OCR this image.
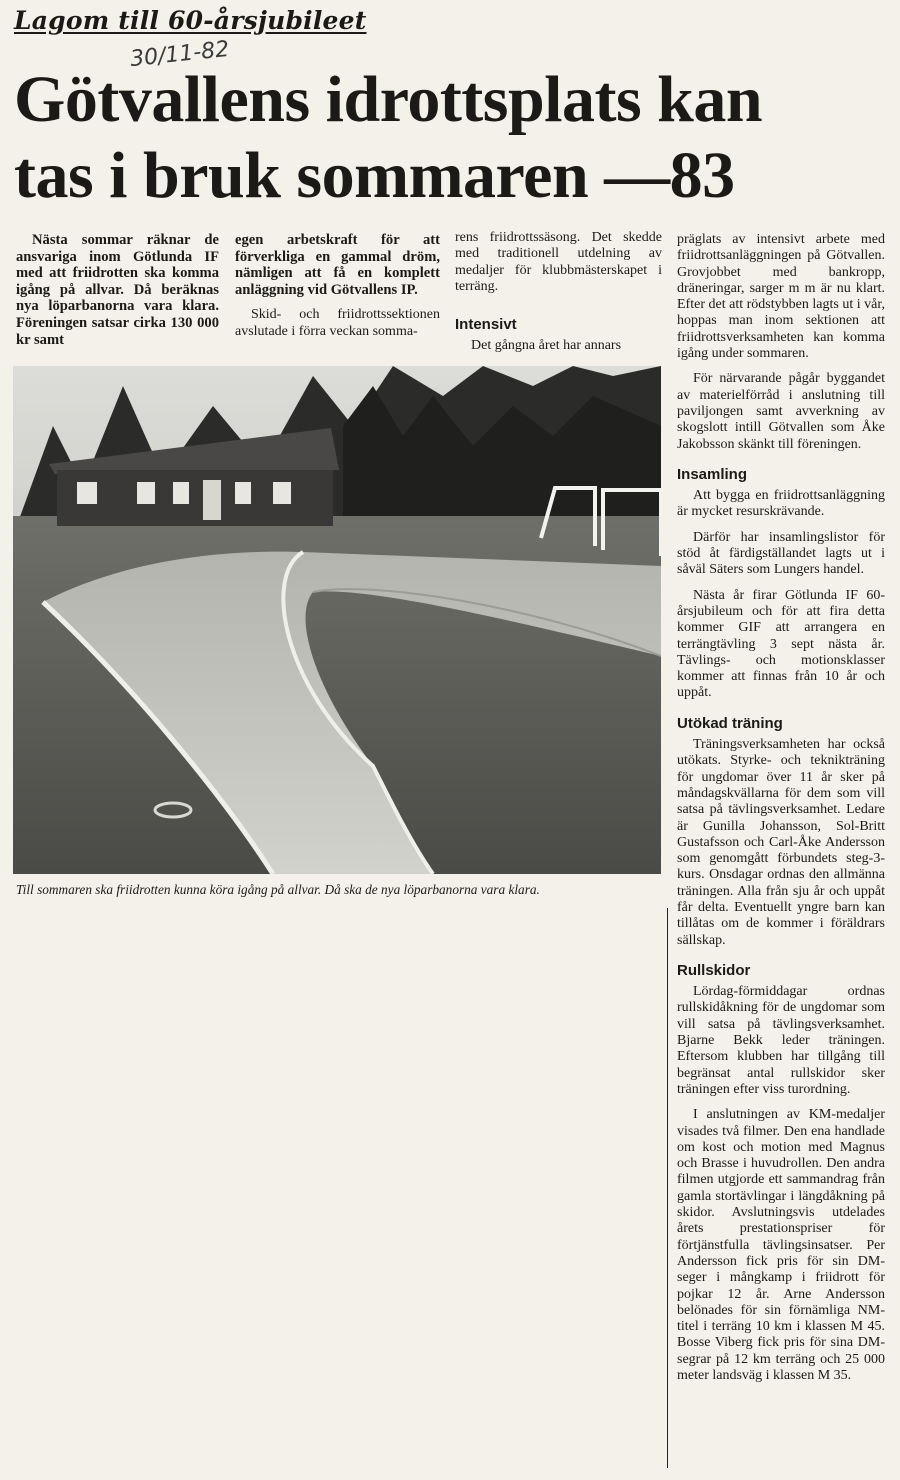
Lagom till 60-årsjubileet
30/11-82
Götvallens idrottsplats kan
tas i bruk sommaren —83

Nästa sommar räknar de ansvariga inom Götlunda IF med att friidrotten ska komma igång på allvar. Då beräknas nya löparbanorna vara klara. Föreningen satsar cirka 130 000 kr samt

egen arbetskraft för att förverkliga en gammal dröm, nämligen att få en komplett anläggning vid Götvallens IP.

Skid- och friidrottssektionen avslutade i förra veckan somma-

rens friidrottssäsong. Det skedde med traditionell utdelning av medaljer för klubbmästerskapet i terräng.

Intensivt

Det gångna året har annars

Till sommaren ska friidrotten kunna köra igång på allvar. Då ska de nya löparbanorna vara klara.

präglats av intensivt arbete med friidrottsanläggningen på Götvallen. Grovjobbet med bankropp, dräneringar, sarger m m är nu klart. Efter det att rödstybben lagts ut i vår, hoppas man inom sektionen att friidrottsverksamheten kan komma igång under sommaren.

För närvarande pågår byggandet av materielförråd i anslutning till paviljongen samt avverkning av skogslott intill Götvallen som Åke Jakobsson skänkt till föreningen.

Insamling

Att bygga en friidrottsanläggning är mycket resurskrävande.

Därför har insamlingslistor för stöd åt färdigställandet lagts ut i såväl Säters som Lungers handel.

Nästa år firar Götlunda IF 60-årsjubileum och för att fira detta kommer GIF att arrangera en terrängtävling 3 sept nästa år. Tävlings- och motionsklasser kommer att finnas från 10 år och uppåt.

Utökad träning

Träningsverksamheten har också utökats. Styrke- och teknikträning för ungdomar över 11 år sker på måndagskvällarna för dem som vill satsa på tävlingsverksamhet. Ledare är Gunilla Johansson, Sol-Britt Gustafsson och Carl-Åke Andersson som genomgått förbundets steg-3-kurs. Onsdagar ordnas den allmänna träningen. Alla från sju år och uppåt får delta. Eventuellt yngre barn kan tillåtas om de kommer i föräldrars sällskap.

Rullskidor

Lördag-förmiddagar ordnas rullskidåkning för de ungdomar som vill satsa på tävlingsverksamhet. Bjarne Bekk leder träningen. Eftersom klubben har tillgång till begränsat antal rullskidor sker träningen efter viss turordning.

I anslutningen av KM-medaljer visades två filmer. Den ena handlade om kost och motion med Magnus och Brasse i huvudrollen. Den andra filmen utgjorde ett sammandrag från gamla stortävlingar i längdåkning på skidor. Avslutningsvis utdelades årets prestationspriser för förtjänstfulla tävlingsinsatser. Per Andersson fick pris för sin DM-seger i mångkamp i friidrott för pojkar 12 år. Arne Andersson belönades för sin förnämliga NM-titel i terräng 10 km i klassen M 45. Bosse Viberg fick pris för sina DM-segrar på 12 km terräng och 25 000 meter landsväg i klassen M 35.
